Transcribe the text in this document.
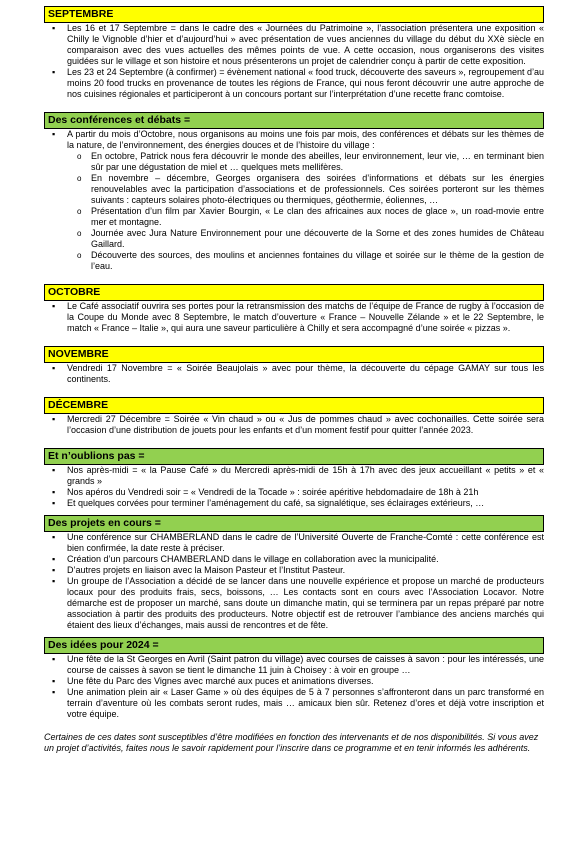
SEPTEMBRE
▪ Les 16 et 17 Septembre = dans le cadre des « Journées du Patrimoine », l’association présentera une exposition « Chilly le Vignoble d’hier et d’aujourd’hui » avec présentation de vues anciennes du village du début du XXè siècle en comparaison avec des vues actuelles des mêmes points de vue. A cette occasion, nous organiserons des visites guidées sur le village et son histoire et nous présenterons un projet de calendrier conçu à partir de cette exposition.
▪ Les 23 et 24 Septembre (à confirmer) = évènement national « food truck, découverte des saveurs », regroupement d’au moins 20 food trucks en provenance de toutes les régions de France, qui nous feront découvrir une autre approche de nos cuisines régionales et participeront à un concours portant sur l’interprétation d’une recette franc comtoise.
Des conférences et débats =
▪ A partir du mois d’Octobre, nous organisons au moins une fois par mois, des conférences et débats sur les thèmes de la nature, de l’environnement, des énergies douces et de l’histoire du village :
o En octobre, Patrick nous fera découvrir le monde des abeilles, leur environnement, leur vie, … en terminant bien sûr par une dégustation de miel et … quelques mets mellifères.
o En novembre – décembre, Georges organisera des soirées d’informations et débats sur les énergies renouvelables avec la participation d’associations et de professionnels. Ces soirées porteront sur les thèmes suivants : capteurs solaires photo-électriques ou thermiques, géothermie, éoliennes, …
o Présentation d’un film par Xavier Bourgin, « Le clan des africaines aux noces de glace », un road-movie entre mer et montagne.
o Journée avec Jura Nature Environnement pour une découverte de la Sorne et des zones humides de Château Gaillard.
o Découverte des sources, des moulins et anciennes fontaines du village et soirée sur le thème de la gestion de l’eau.
OCTOBRE
▪ Le Café associatif ouvrira ses portes pour la retransmission des matchs de l’équipe de France de rugby à l’occasion de la Coupe du Monde avec 8 Septembre, le match d’ouverture « France – Nouvelle Zélande » et le 22 Septembre, le match « France – Italie », qui aura une saveur particulière à Chilly et sera accompagné d’une soirée « pizzas ».
NOVEMBRE
▪ Vendredi 17 Novembre = « Soirée Beaujolais » avec pour thème, la découverte du cépage GAMAY sur tous les continents.
DÉCEMBRE
▪ Mercredi 27 Décembre = Soirée « Vin chaud » ou « Jus de pommes chaud » avec cochonailles. Cette soirée sera l’occasion d’une distribution de jouets pour les enfants et d’un moment festif pour quitter l’année 2023.
Et n’oublions pas =
▪ Nos après-midi = « la Pause Café » du Mercredi après-midi de 15h à 17h avec des jeux accueillant « petits » et « grands »
▪ Nos apéros du Vendredi soir = « Vendredi de la Tocade » : soirée apéritive hebdomadaire de 18h à 21h
▪ Et quelques corvées pour terminer l’aménagement du café, sa signalétique, ses éclairages extérieurs, …
Des projets en cours =
▪ Une conférence sur CHAMBERLAND dans le cadre de l’Université Ouverte de Franche-Comté : cette conférence est bien confirmée, la date reste à préciser.
▪ Création d’un parcours CHAMBERLAND dans le village en collaboration avec la municipalité.
▪ D’autres projets en liaison avec la Maison Pasteur et l’Institut Pasteur.
▪ Un groupe de l’Association a décidé de se lancer dans une nouvelle expérience et propose un marché de producteurs locaux pour des produits frais, secs, boissons, … Les contacts sont en cours avec l’Association Locavor. Notre démarche est de proposer un marché, sans doute un dimanche matin, qui se terminera par un repas préparé par notre association à partir des produits des producteurs. Notre objectif est de retrouver l’ambiance des anciens marchés qui étaient des lieux d’échanges, mais aussi de rencontres et de fête.
Des idées pour 2024 =
▪ Une fête de la St Georges en Avril (Saint patron du village) avec courses de caisses à savon : pour les intéressés, une course de caisses à savon se tient le dimanche 11 juin à Choisey : à voir en groupe …
▪ Une fête du Parc des Vignes avec marché aux puces et animations diverses.
▪ Une animation plein air « Laser Game » où des équipes de 5 à 7 personnes s’affronteront dans un parc transformé en terrain d’aventure où les combats seront rudes, mais … amicaux bien sûr. Retenez d’ores et déjà votre inscription et votre équipe.

Certaines de ces dates sont susceptibles d’être modifiées en fonction des intervenants et de nos disponibilités. Si vous avez un projet d’activités, faites nous le savoir rapidement pour l’inscrire dans ce programme et en tenir informés les adhérents.
